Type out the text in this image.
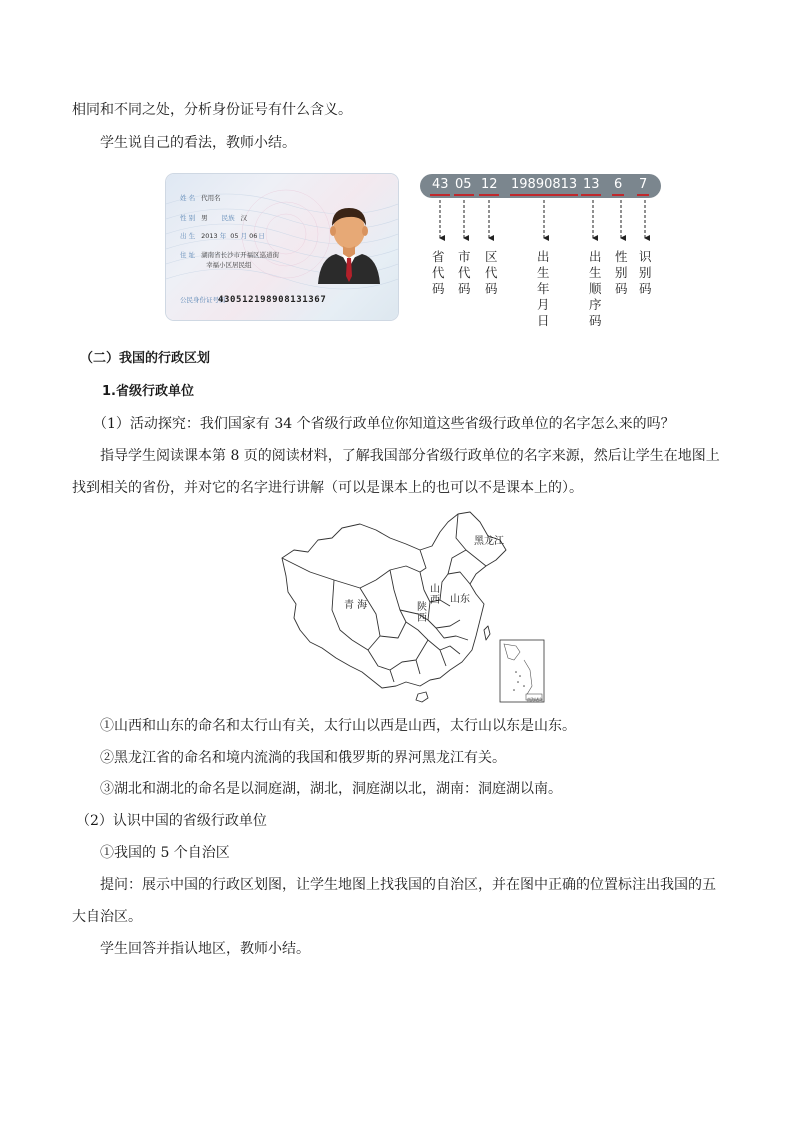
相同和不同之处，分析身份证号有什么含义。
学生说自己的看法，教师小结。
姓 名 代用名
性 别 男 民族 汉
出 生 2013 年 05 月 06日
住 址 湖南省长沙市开福区巡道街
幸福小区居民组
公民身份证号码
430512198908131367
43 05 12 19890813 13 6 7
省代码
市代码
区代码
出生年月日
出生顺序码
性别码
识别码
（二）我国的行政区划
1.省级行政单位
（1）活动探究：我们国家有 34 个省级行政单位你知道这些省级行政单位的名字怎么来的吗？
指导学生阅读课本第 8 页的阅读材料，了解我国部分省级行政单位的名字来源，然后让学生在地图上
找到相关的省份，并对它的名字进行讲解（可以是课本上的也可以不是课本上的）。
黑龙江
青 海
山西
陕西
山东
南海诸岛
①山西和山东的命名和太行山有关，太行山以西是山西，太行山以东是山东。
②黑龙江省的命名和境内流淌的我国和俄罗斯的界河黑龙江有关。
③湖北和湖北的命名是以洞庭湖，湖北，洞庭湖以北，湖南：洞庭湖以南。
（2）认识中国的省级行政单位
①我国的 5 个自治区
提问：展示中国的行政区划图，让学生地图上找我国的自治区，并在图中正确的位置标注出我国的五
大自治区。
学生回答并指认地区，教师小结。
